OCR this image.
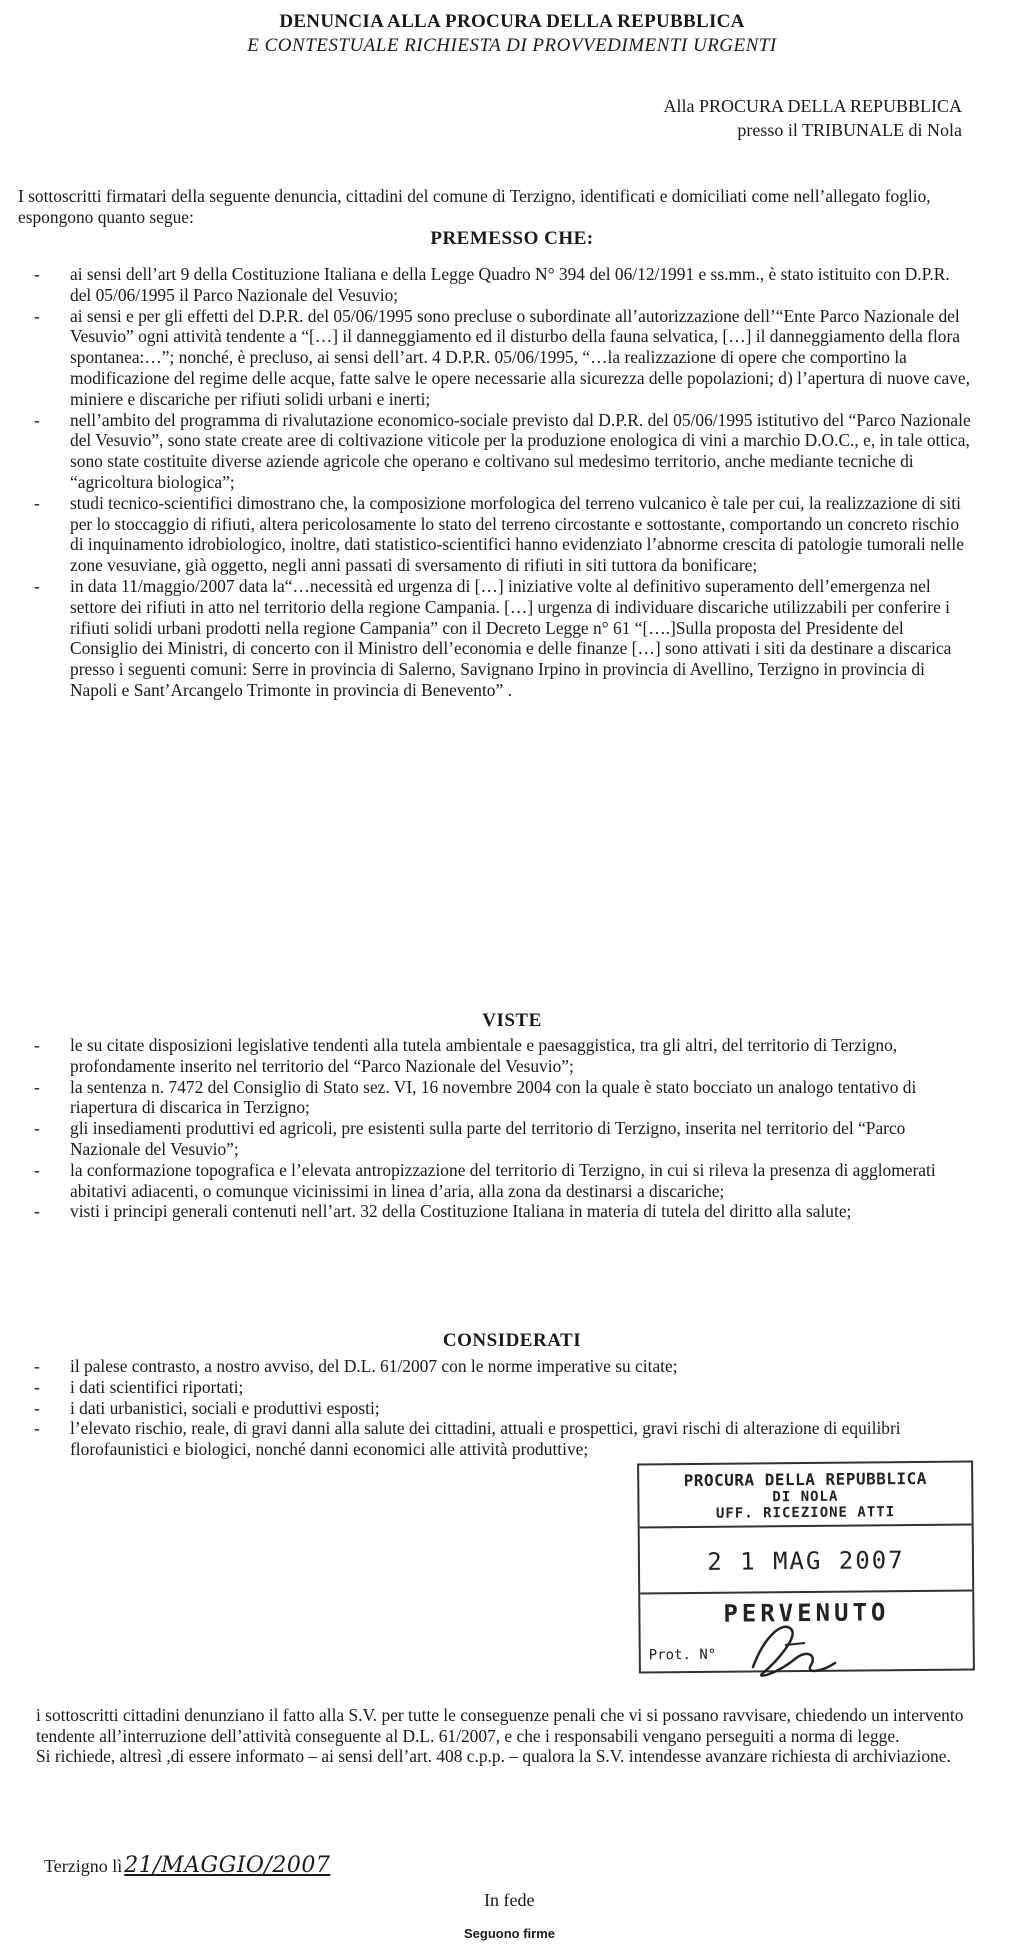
DENUNCIA ALLA PROCURA DELLA REPUBBLICA
E CONTESTUALE RICHIESTA DI PROVVEDIMENTI URGENTI
Alla PROCURA DELLA REPUBBLICA
presso il TRIBUNALE di Nola
I sottoscritti firmatari della seguente denuncia, cittadini del comune di Terzigno, identificati e domiciliati come nell’allegato foglio, espongono quanto segue:
PREMESSO CHE:
- ai sensi dell’art 9 della Costituzione Italiana e della Legge Quadro N° 394 del 06/12/1991 e ss.mm., è stato istituito con D.P.R. del 05/06/1995 il Parco Nazionale del Vesuvio;
- ai sensi e per gli effetti del D.P.R. del 05/06/1995 sono precluse o subordinate all’autorizzazione dell’“Ente Parco Nazionale del Vesuvio” ogni attività tendente a “[…] il danneggiamento ed il disturbo della fauna selvatica, […] il danneggiamento della flora spontanea:…”; nonché, è precluso, ai sensi dell’art. 4 D.P.R. 05/06/1995, “…la realizzazione di opere che comportino la modificazione del regime delle acque, fatte salve le opere necessarie alla sicurezza delle popolazioni; d) l’apertura di nuove cave, miniere e discariche per rifiuti solidi urbani e inerti;
- nell’ambito del programma di rivalutazione economico-sociale previsto dal D.P.R. del 05/06/1995 istitutivo del “Parco Nazionale del Vesuvio”, sono state create aree di coltivazione viticole per la produzione enologica di vini a marchio D.O.C., e, in tale ottica, sono state costituite diverse aziende agricole che operano e coltivano sul medesimo territorio, anche mediante tecniche di “agricoltura biologica”;
- studi tecnico-scientifici dimostrano che, la composizione morfologica del terreno vulcanico è tale per cui, la realizzazione di siti per lo stoccaggio di rifiuti, altera pericolosamente lo stato del terreno circostante e sottostante, comportando un concreto rischio di inquinamento idrobiologico, inoltre, dati statistico-scientifici hanno evidenziato l’abnorme crescita di patologie tumorali nelle zone vesuviane, già oggetto, negli anni passati di sversamento di rifiuti in siti tuttora da bonificare;
- in data 11/maggio/2007 data la“…necessità ed urgenza di […] iniziative volte al definitivo superamento dell’emergenza nel settore dei rifiuti in atto nel territorio della regione Campania. […] urgenza di individuare discariche utilizzabili per conferire i rifiuti solidi urbani prodotti nella regione Campania” con il Decreto Legge n° 61 “[….]Sulla proposta del Presidente del Consiglio dei Ministri, di concerto con il Ministro dell’economia e delle finanze […] sono attivati i siti da destinare a discarica presso i seguenti comuni: Serre in provincia di Salerno, Savignano Irpino in provincia di Avellino, Terzigno in provincia di Napoli e Sant’Arcangelo Trimonte in provincia di Benevento” .
VISTE
- le su citate disposizioni legislative tendenti alla tutela ambientale e paesaggistica, tra gli altri, del territorio di Terzigno, profondamente inserito nel territorio del “Parco Nazionale del Vesuvio”;
- la sentenza n. 7472 del Consiglio di Stato sez. VI, 16 novembre 2004 con la quale è stato bocciato un analogo tentativo di riapertura di discarica in Terzigno;
- gli insediamenti produttivi ed agricoli, pre esistenti sulla parte del territorio di Terzigno, inserita nel territorio del “Parco Nazionale del Vesuvio”;
- la conformazione topografica e l’elevata antropizzazione del territorio di Terzigno, in cui si rileva la presenza di agglomerati abitativi adiacenti, o comunque vicinissimi in linea d’aria, alla zona da destinarsi a discariche;
- visti i principi generali contenuti nell’art. 32 della Costituzione Italiana in materia di tutela del diritto alla salute;
CONSIDERATI
- il palese contrasto, a nostro avviso, del D.L. 61/2007 con le norme imperative su citate;
- i dati scientifici riportati;
- i dati urbanistici, sociali e produttivi esposti;
- l’elevato rischio, reale, di gravi danni alla salute dei cittadini, attuali e prospettici, gravi rischi di alterazione di equilibri florofaunistici e biologici, nonché danni economici alle attività produttive;
PROCURA DELLA REPUBBLICA
DI NOLA
UFF. RICEZIONE ATTI
2 1 MAG 2007
PERVENUTO
Prot. N°
i sottoscritti cittadini denunziano il fatto alla S.V. per tutte le conseguenze penali che vi si possano ravvisare, chiedendo un intervento tendente all’interruzione dell’attività conseguente al D.L. 61/2007, e che i responsabili vengano perseguiti a norma di legge.
Si richiede, altresì ,di essere informato – ai sensi dell’art. 408 c.p.p. – qualora la S.V. intendesse avanzare richiesta di archiviazione.
Terzigno lì21/MAGGIO/2007
In fede
Seguono firme
